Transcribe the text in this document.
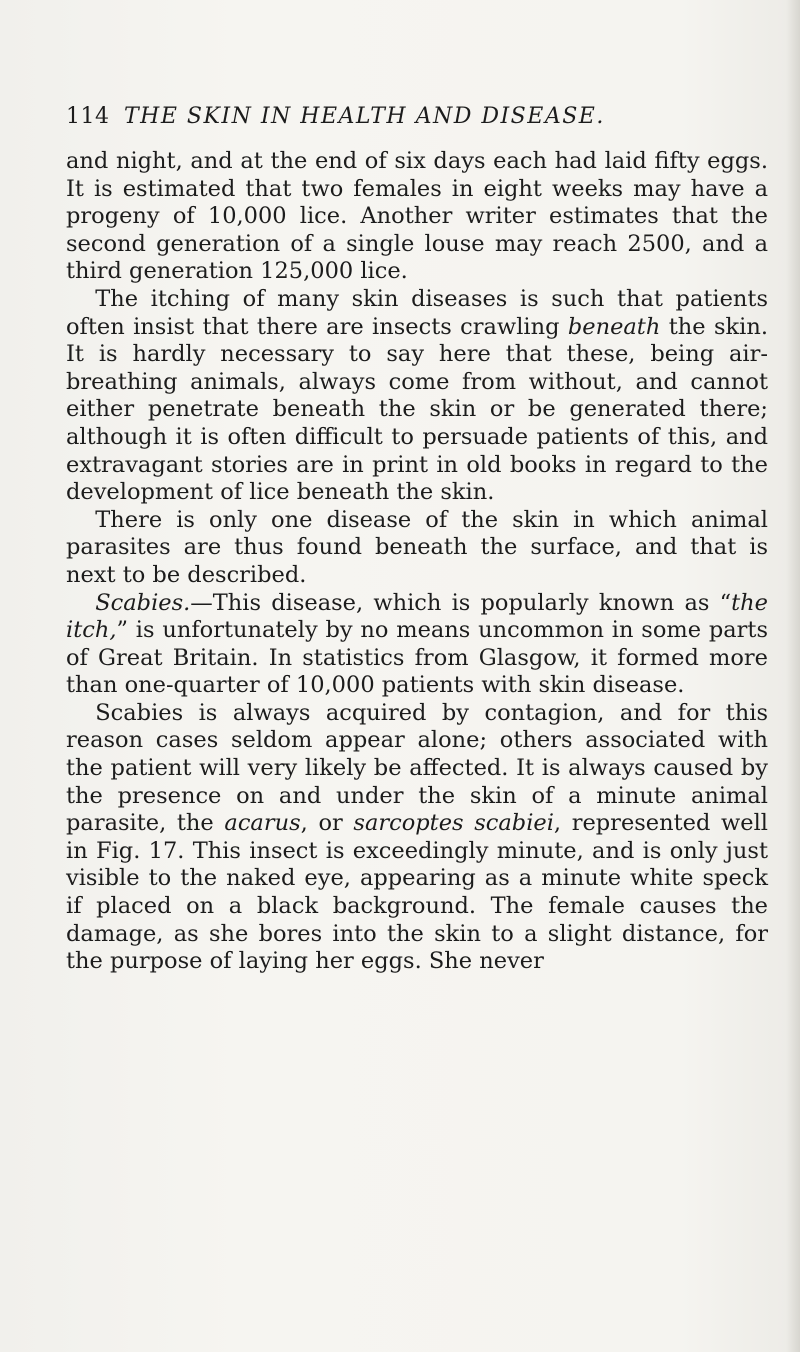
114 THE SKIN IN HEALTH AND DISEASE.

and night, and at the end of six days each had laid fifty eggs. It is estimated that two females in eight weeks may have a progeny of 10,000 lice. Another writer estimates that the second generation of a single louse may reach 2500, and a third generation 125,000 lice.

The itching of many skin diseases is such that patients often insist that there are insects crawling beneath the skin. It is hardly necessary to say here that these, being air-breathing animals, always come from without, and cannot either penetrate beneath the skin or be generated there; although it is often difficult to persuade patients of this, and extravagant stories are in print in old books in regard to the development of lice beneath the skin.

There is only one disease of the skin in which animal parasites are thus found beneath the surface, and that is next to be described.

Scabies.—This disease, which is popularly known as “the itch,” is unfortunately by no means uncommon in some parts of Great Britain. In statistics from Glasgow, it formed more than one-quarter of 10,000 patients with skin disease.

Scabies is always acquired by contagion, and for this reason cases seldom appear alone; others associated with the patient will very likely be affected. It is always caused by the presence on and under the skin of a minute animal parasite, the acarus, or sarcoptes scabiei, represented well in Fig. 17. This insect is exceedingly minute, and is only just visible to the naked eye, appearing as a minute white speck if placed on a black background. The female causes the damage, as she bores into the skin to a slight distance, for the purpose of laying her eggs. She never
